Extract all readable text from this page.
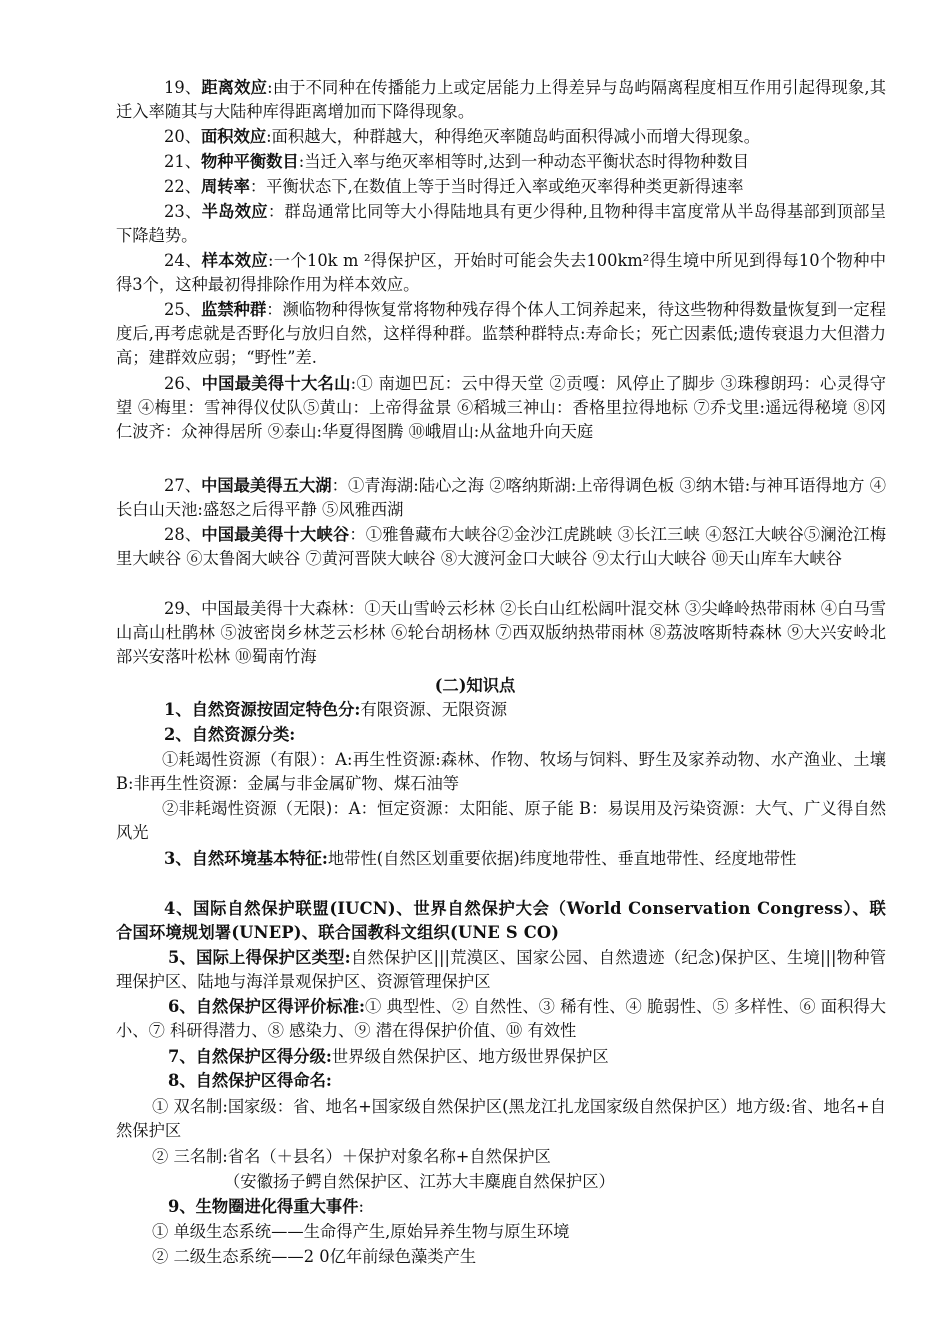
19、距离效应:由于不同种在传播能力上或定居能力上得差异与岛屿隔离程度相互作用引起得现象,其迁入率随其与大陆种库得距离增加而下降得现象。
20、面积效应:面积越大，种群越大，种得绝灭率随岛屿面积得减小而增大得现象。
21、物种平衡数目:当迁入率与绝灭率相等时,达到一种动态平衡状态时得物种数目
22、周转率：平衡状态下,在数值上等于当时得迁入率或绝灭率得种类更新得速率
23、半岛效应：群岛通常比同等大小得陆地具有更少得种,且物种得丰富度常从半岛得基部到顶部呈下降趋势。
24、样本效应:一个10k m ²得保护区，开始时可能会失去100km²得生境中所见到得每10个物种中得3个，这种最初得排除作用为样本效应。
25、监禁种群：濒临物种得恢复常将物种残存得个体人工饲养起来，待这些物种得数量恢复到一定程度后,再考虑就是否野化与放归自然，这样得种群。监禁种群特点:寿命长；死亡因素低;遗传衰退力大但潜力高；建群效应弱；“野性”差.
26、中国最美得十大名山:① 南迦巴瓦：云中得天堂 ②贡嘎：风停止了脚步 ③珠穆朗玛：心灵得守望 ④梅里：雪神得仪仗队⑤黄山：上帝得盆景 ⑥稻城三神山：香格里拉得地标 ⑦乔戈里:遥远得秘境 ⑧冈仁波齐：众神得居所 ⑨泰山:华夏得图腾 ⑩峨眉山:从盆地升向天庭
27、中国最美得五大湖：①青海湖:陆心之海 ②喀纳斯湖:上帝得调色板 ③纳木错:与神耳语得地方 ④长白山天池:盛怒之后得平静 ⑤风雅西湖
28、中国最美得十大峡谷：①雅鲁藏布大峡谷②金沙江虎跳峡 ③长江三峡 ④怒江大峡谷⑤澜沧江梅里大峡谷 ⑥太鲁阁大峡谷 ⑦黄河晋陕大峡谷 ⑧大渡河金口大峡谷 ⑨太行山大峡谷 ⑩天山库车大峡谷
29、中国最美得十大森林：①天山雪岭云杉林 ②长白山红松阔叶混交林 ③尖峰岭热带雨林 ④白马雪山高山杜鹃林 ⑤波密岗乡林芝云杉林 ⑥轮台胡杨林 ⑦西双版纳热带雨林 ⑧荔波喀斯特森林 ⑨大兴安岭北部兴安落叶松林 ⑩蜀南竹海
(二)知识点
1、自然资源按固定特色分:有限资源、无限资源
2、自然资源分类:
①耗竭性资源（有限）：A:再生性资源:森林、作物、牧场与饲料、野生及家养动物、水产渔业、土壤 B:非再生性资源：金属与非金属矿物、煤石油等
②非耗竭性资源（无限)：A：恒定资源：太阳能、原子能 B：易误用及污染资源：大气、广义得自然风光
3、自然环境基本特征:地带性(自然区划重要依据)纬度地带性、垂直地带性、经度地带性
4、国际自然保护联盟(IUCN)、世界自然保护大会（World Conservation Congress）、联合国环境规划署(UNEP)、联合国教科文组织(UNE S CO)
5、国际上得保护区类型:自然保护区|||荒漠区、国家公园、自然遗迹（纪念)保护区、生境|||物种管理保护区、陆地与海洋景观保护区、资源管理保护区
6、自然保护区得评价标准:① 典型性、② 自然性、③ 稀有性、④ 脆弱性、⑤ 多样性、⑥ 面积得大小、⑦ 科研得潜力、⑧ 感染力、⑨ 潜在得保护价值、⑩ 有效性
7、自然保护区得分级:世界级自然保护区、地方级世界保护区
8、自然保护区得命名:
① 双名制:国家级：省、地名+国家级自然保护区(黑龙江扎龙国家级自然保护区）地方级:省、地名+自然保护区
② 三名制:省名（＋县名）＋保护对象名称+自然保护区
（安徽扬子鳄自然保护区、江苏大丰麋鹿自然保护区）
9、生物圈进化得重大事件:
① 单级生态系统——生命得产生,原始异养生物与原生环境
② 二级生态系统——2 0亿年前绿色藻类产生
